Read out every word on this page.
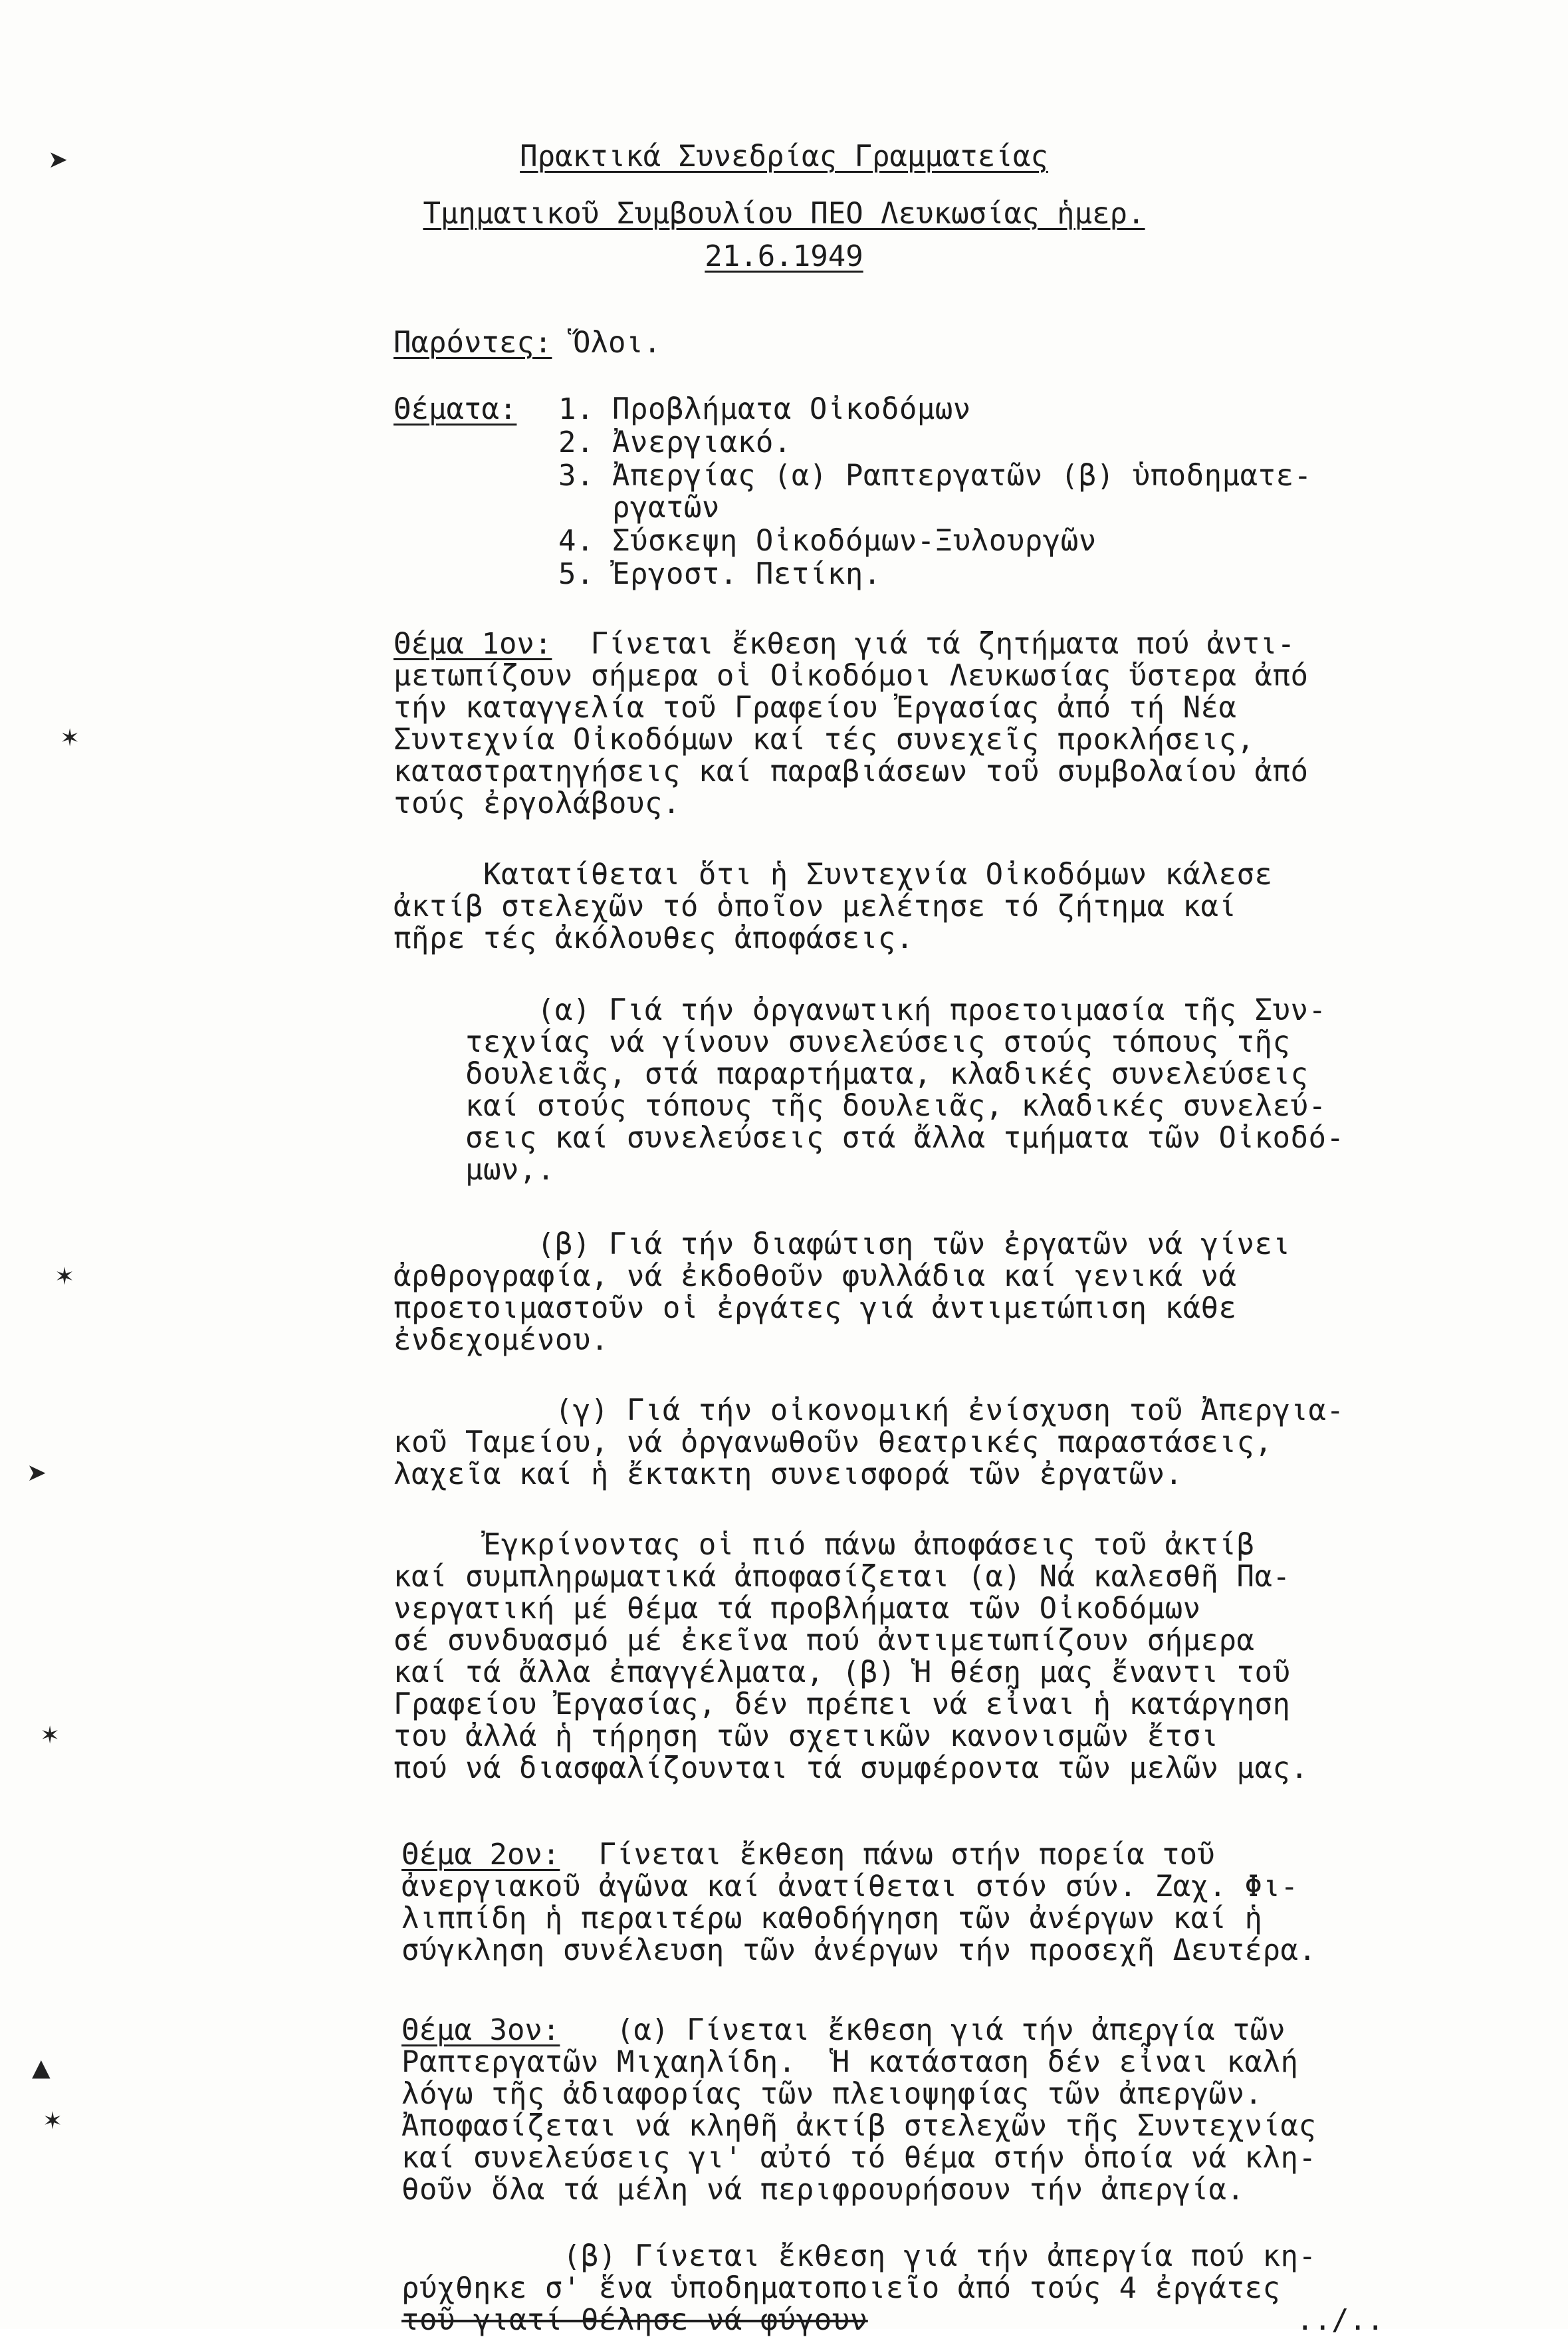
➤
✶
✶
➤
✶
▲
✶
Πρακτικά Συνεδρίας Γραμματείας
Τμηματικοῦ Συμβουλίου ΠΕΟ Λευκωσίας ἡμερ.
21.6.1949
Παρόντες: Ὅλοι.
Θέματα: 1. Προβλήματα Οἰκοδόμων
2. Ἀνεργιακό.
3. Ἀπεργίας (α) Ραπτεργατῶν (β) ὑποδηματε-
ργατῶν
4. Σύσκεψη Οἰκοδόμων-Ξυλουργῶν
5. Ἐργοστ. Πετίκη.
Θέμα 1ον: Γίνεται ἔκθεση γιά τά ζητήματα πού ἀντι-
μετωπίζουν σήμερα οἱ Οἰκοδόμοι Λευκωσίας ὕστερα ἀπό
τήν καταγγελία τοῦ Γραφείου Ἐργασίας ἀπό τή Νέα
Συντεχνία Οἰκοδόμων καί τές συνεχεῖς προκλήσεις,
καταστρατηγήσεις καί παραβιάσεων τοῦ συμβολαίου ἀπό
τούς ἐργολάβους.
Κατατίθεται ὅτι ἡ Συντεχνία Οἰκοδόμων κάλεσε
ἀκτίβ στελεχῶν τό ὁποῖον μελέτησε τό ζήτημα καί
πῆρε τές ἀκόλουθες ἀποφάσεις.
(α) Γιά τήν ὀργανωτική προετοιμασία τῆς Συν-
τεχνίας νά γίνουν συνελεύσεις στούς τόπους τῆς
δουλειᾶς, στά παραρτήματα, κλαδικές συνελεύσεις
καί στούς τόπους τῆς δουλειᾶς, κλαδικές συνελεύ-
σεις καί συνελεύσεις στά ἄλλα τμήματα τῶν Οἰκοδό-
μων,.
(β) Γιά τήν διαφώτιση τῶν ἐργατῶν νά γίνει
ἀρθρογραφία, νά ἐκδοθοῦν φυλλάδια καί γενικά νά
προετοιμαστοῦν οἱ ἐργάτες γιά ἀντιμετώπιση κάθε
ἐνδεχομένου.
(γ) Γιά τήν οἰκονομική ἐνίσχυση τοῦ Ἀπεργια-
κοῦ Ταμείου, νά ὀργανωθοῦν θεατρικές παραστάσεις,
λαχεῖα καί ἡ ἔκτακτη συνεισφορά τῶν ἐργατῶν.
Ἐγκρίνοντας οἱ πιό πάνω ἀποφάσεις τοῦ ἀκτίβ
καί συμπληρωματικά ἀποφασίζεται (α) Νά καλεσθῆ Πα-
νεργατική μέ θέμα τά προβλήματα τῶν Οἰκοδόμων
σέ συνδυασμό μέ ἐκεῖνα πού ἀντιμετωπίζουν σήμερα
καί τά ἄλλα ἐπαγγέλματα, (β) Ἡ θέση μας ἔναντι τοῦ
Γραφείου Ἐργασίας, δέν πρέπει νά εἶναι ἡ κατάργηση
του ἀλλά ἡ τήρηση τῶν σχετικῶν κανονισμῶν ἔτσι
πού νά διασφαλίζουνται τά συμφέροντα τῶν μελῶν μας.
Θέμα 2ον: Γίνεται ἔκθεση πάνω στήν πορεία τοῦ
ἀνεργιακοῦ ἀγῶνα καί ἀνατίθεται στόν σύν. Ζαχ. Φι-
λιππίδη ἡ περαιτέρω καθοδήγηση τῶν ἀνέργων καί ἡ
σύγκληση συνέλευση τῶν ἀνέργων τήν προσεχῆ Δευτέρα.
Θέμα 3ον: (α) Γίνεται ἔκθεση γιά τήν ἀπεργία τῶν
Ραπτεργατῶν Μιχαηλίδη.  Ἡ κατάσταση δέν εἶναι καλή
λόγω τῆς ἀδιαφορίας τῶν πλειοψηφίας τῶν ἀπεργῶν.
Ἀποφασίζεται νά κληθῆ ἀκτίβ στελεχῶν τῆς Συντεχνίας
καί συνελεύσεις γι' αὐτό τό θέμα στήν ὁποία νά κλη-
θοῦν ὅλα τά μέλη νά περιφρουρήσουν τήν ἀπεργία.
(β) Γίνεται ἔκθεση γιά τήν ἀπεργία πού κη-
ρύχθηκε σ' ἕνα ὑποδηματοποιεῖο ἀπό τούς 4 ἐργάτες
τοῦ γιατί θέλησε νά φύγουν	../..
